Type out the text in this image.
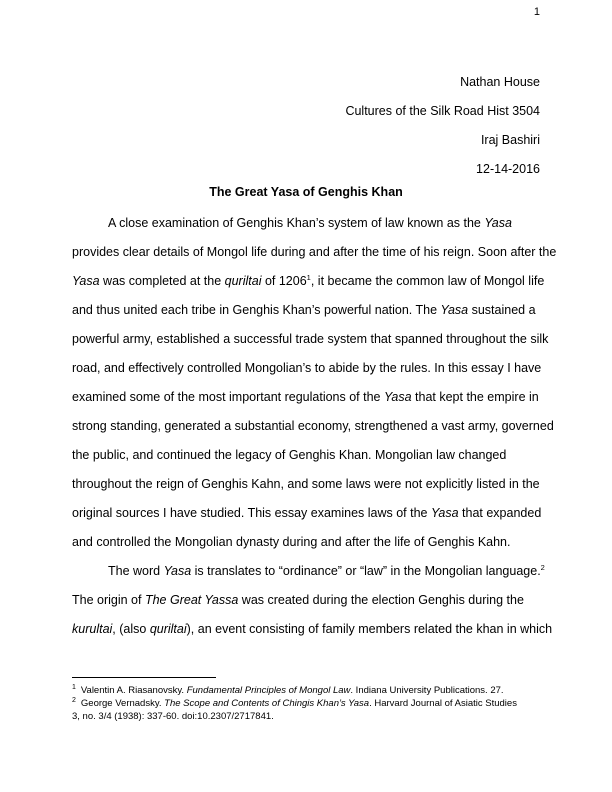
1
Nathan House
Cultures of the Silk Road Hist 3504
Iraj Bashiri
12-14-2016
The Great Yasa of Genghis Khan
A close examination of Genghis Khan’s system of law known as the Yasa
provides clear details of Mongol life during and after the time of his reign. Soon after the
Yasa was completed at the quriltai of 1206$^1$, it became the common law of Mongol life
and thus united each tribe in Genghis Khan’s powerful nation. The Yasa sustained a
powerful army, established a successful trade system that spanned throughout the silk
road, and effectively controlled Mongolian’s to abide by the rules. In this essay I have
examined some of the most important regulations of the Yasa that kept the empire in
strong standing, generated a substantial economy, strengthened a vast army, governed
the public, and continued the legacy of Genghis Khan. Mongolian law changed
throughout the reign of Genghis Kahn, and some laws were not explicitly listed in the
original sources I have studied. This essay examines laws of the Yasa that expanded
and controlled the Mongolian dynasty during and after the life of Genghis Kahn.
The word Yasa is translates to “ordinance” or “law” in the Mongolian language.$^2$
The origin of The Great Yassa was created during the election Genghis during the
kurultai, (also quriltai), an event consisting of family members related the khan in which
1 Valentin A. Riasanovsky. Fundamental Principles of Mongol Law. Indiana University Publications. 27.
2 George Vernadsky. The Scope and Contents of Chingis Khan’s Yasa. Harvard Journal of Asiatic Studies
3, no. 3/4 (1938): 337-60. doi:10.2307/2717841.
